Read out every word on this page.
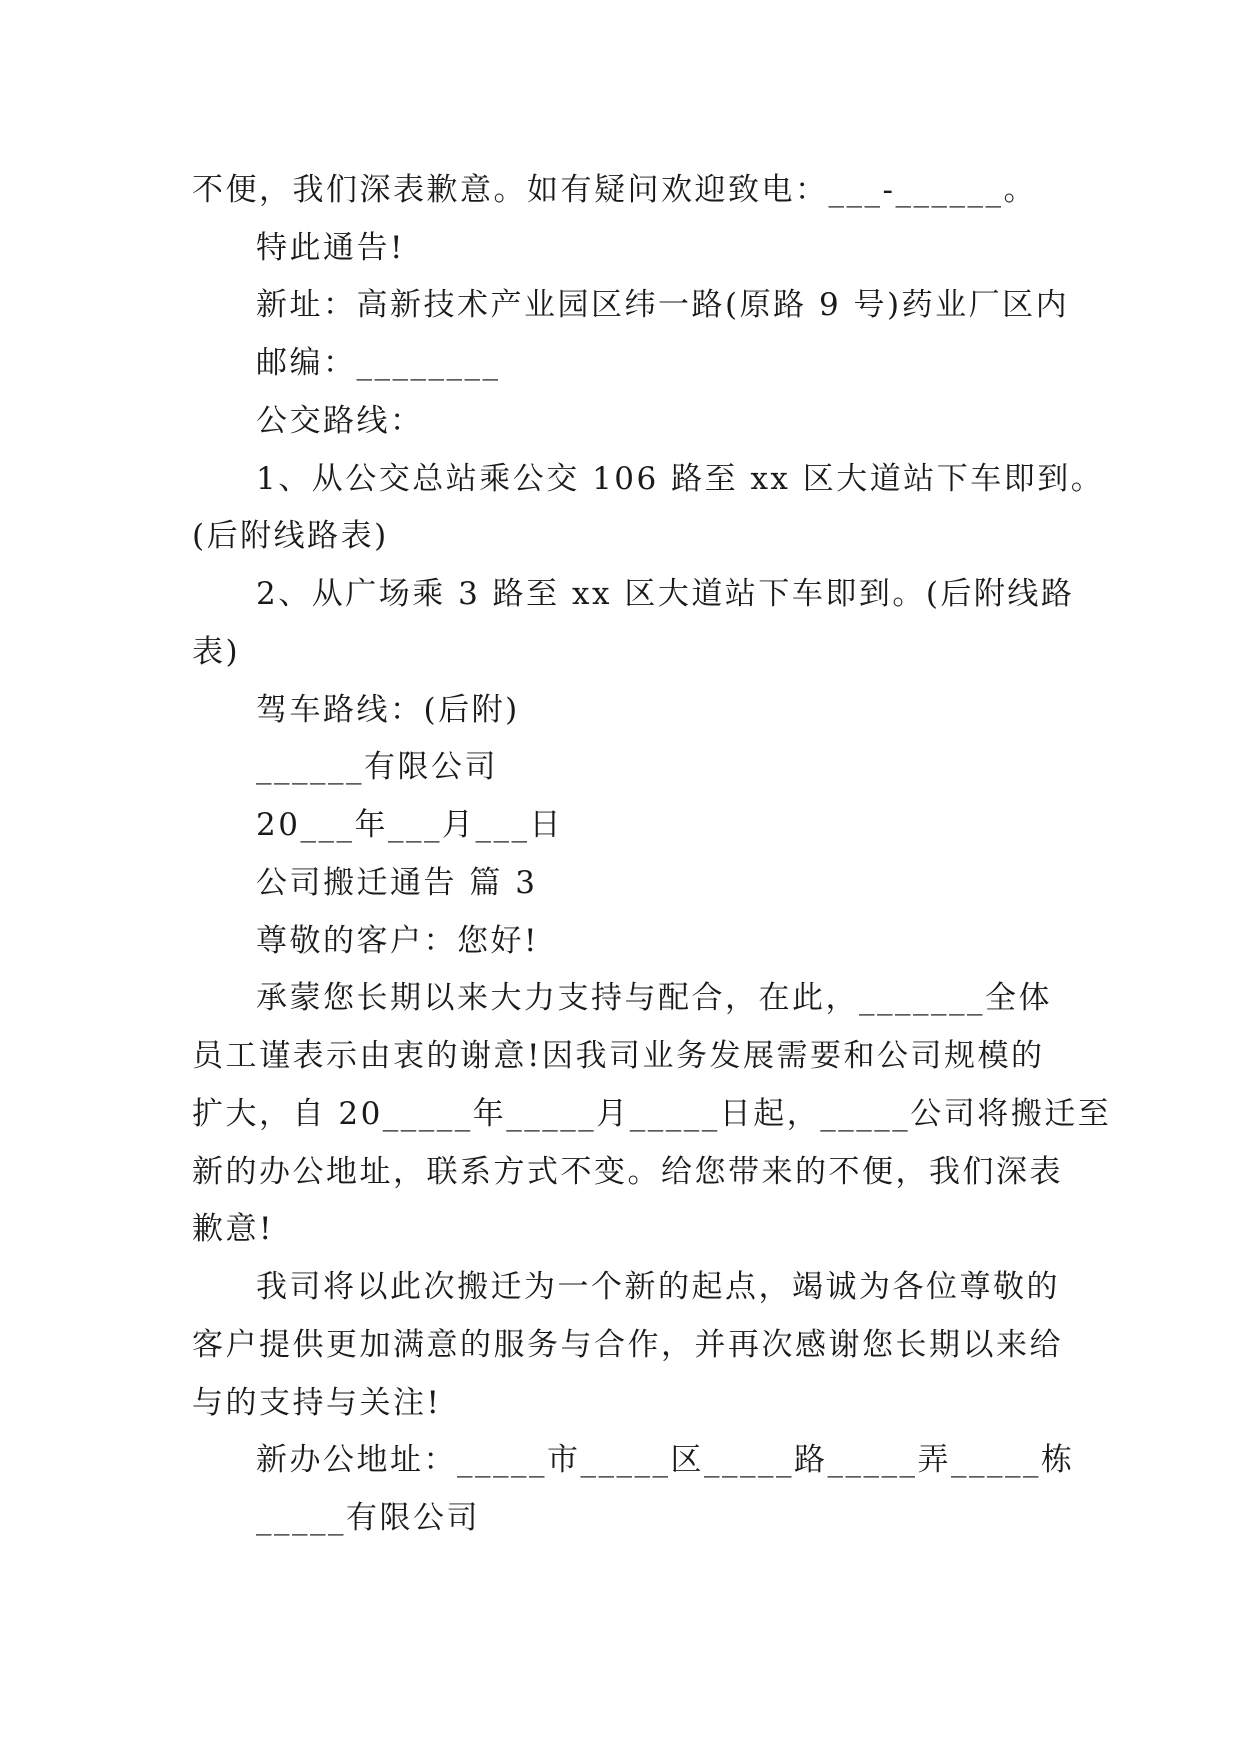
不便，我们深表歉意。如有疑问欢迎致电：___-______。
特此通告!
新址：高新技术产业园区纬一路(原路 9 号)药业厂区内
邮编：________
公交路线：
1、从公交总站乘公交 106 路至 xx 区大道站下车即到。
(后附线路表)
2、从广场乘 3 路至 xx 区大道站下车即到。(后附线路
表)
驾车路线：(后附)
______有限公司
20___年___月___日
公司搬迁通告 篇 3
尊敬的客户：您好!
承蒙您长期以来大力支持与配合，在此，_______全体
员工谨表示由衷的谢意!因我司业务发展需要和公司规模的
扩大，自 20_____年_____月_____日起，_____公司将搬迁至
新的办公地址，联系方式不变。给您带来的不便，我们深表
歉意!
我司将以此次搬迁为一个新的起点，竭诚为各位尊敬的
客户提供更加满意的服务与合作，并再次感谢您长期以来给
与的支持与关注!
新办公地址：_____市_____区_____路_____弄_____栋
_____有限公司
